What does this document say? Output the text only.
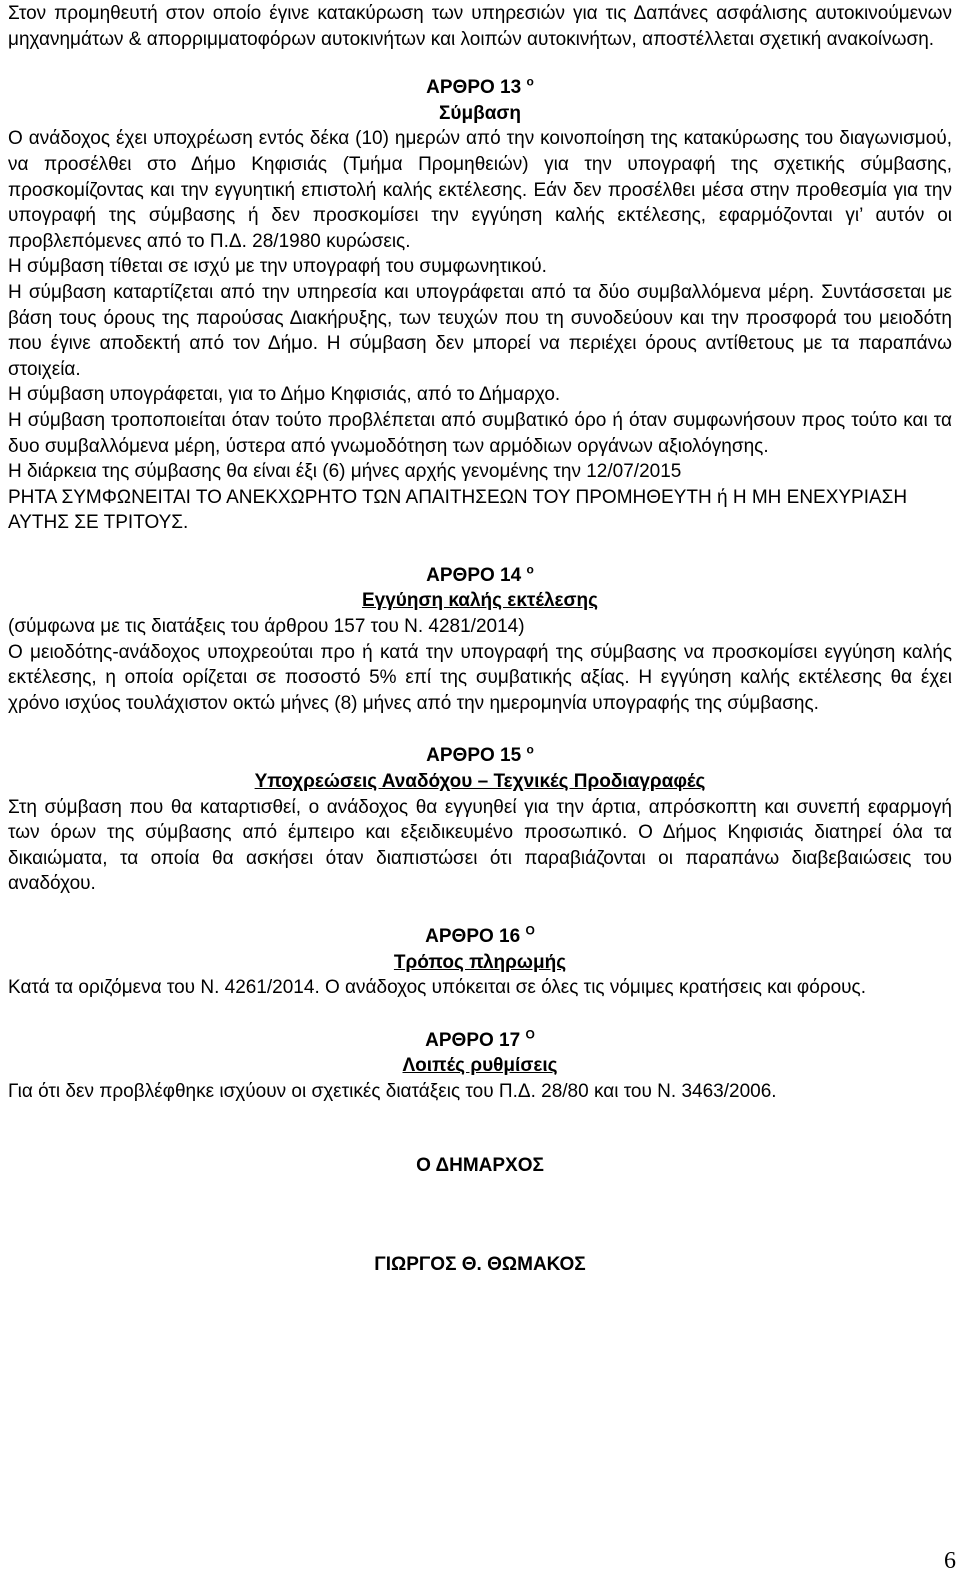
Στον προμηθευτή στον οποίο έγινε κατακύρωση των υπηρεσιών για τις Δαπάνες ασφάλισης αυτοκινούμενων μηχανημάτων & απορριμματοφόρων αυτοκινήτων και λοιπών αυτοκινήτων, αποστέλλεται σχετική ανακοίνωση.

ΑΡΘΡΟ 13 $^o$

Σύμβαση

Ο ανάδοχος έχει υποχρέωση εντός δέκα (10) ημερών από την κοινοποίηση της κατακύρωσης του διαγωνισμού, να προσέλθει στο Δήμο Κηφισιάς (Τμήμα Προμηθειών) για την υπογραφή της σχετικής σύμβασης, προσκομίζοντας και την εγγυητική επιστολή καλής εκτέλεσης. Εάν δεν προσέλθει μέσα στην προθεσμία για την υπογραφή της σύμβασης ή δεν προσκομίσει την εγγύηση καλής εκτέλεσης, εφαρμόζονται γι’ αυτόν οι προβλεπόμενες από το Π.Δ. 28/1980 κυρώσεις.

Η σύμβαση τίθεται σε ισχύ με την υπογραφή του συμφωνητικού.

Η σύμβαση καταρτίζεται από την υπηρεσία και υπογράφεται από τα δύο συμβαλλόμενα μέρη. Συντάσσεται με βάση τους όρους της παρούσας Διακήρυξης, των τευχών που τη συνοδεύουν και την προσφορά του μειοδότη που έγινε αποδεκτή από τον Δήμο. Η σύμβαση δεν μπορεί να περιέχει όρους αντίθετους με τα παραπάνω στοιχεία.

Η σύμβαση υπογράφεται, για το Δήμο Κηφισιάς, από το Δήμαρχο.

Η σύμβαση τροποποιείται όταν τούτο προβλέπεται από συμβατικό όρο ή όταν συμφωνήσουν προς τούτο και τα δυο συμβαλλόμενα μέρη, ύστερα από γνωμοδότηση των αρμόδιων οργάνων αξιολόγησης.

Η διάρκεια της σύμβασης θα είναι έξι (6) μήνες αρχής γενομένης την 12/07/2015

ΡΗΤΑ ΣΥΜΦΩΝΕΙΤΑΙ ΤΟ ΑΝΕΚΧΩΡΗΤΟ ΤΩΝ ΑΠΑΙΤΗΣΕΩΝ ΤΟΥ ΠΡΟΜΗΘΕΥΤΗ ή Η ΜΗ ΕΝΕΧΥΡΙΑΣΗ ΑΥΤΗΣ ΣΕ ΤΡΙΤΟΥΣ.

ΑΡΘΡΟ 14 $^o$

Εγγύηση καλής εκτέλεσης

(σύμφωνα με τις διατάξεις του άρθρου 157 του Ν. 4281/2014)

Ο μειοδότης-ανάδοχος υποχρεούται προ ή κατά την υπογραφή της σύμβασης να προσκομίσει εγγύηση καλής εκτέλεσης, η οποία ορίζεται σε ποσοστό 5% επί της συμβατικής αξίας. Η εγγύηση καλής εκτέλεσης θα έχει χρόνο ισχύος τουλάχιστον οκτώ μήνες (8) μήνες από την ημερομηνία υπογραφής της σύμβασης.

ΑΡΘΡΟ 15 $^o$

Υποχρεώσεις Αναδόχου – Τεχνικές Προδιαγραφές

Στη σύμβαση που θα καταρτισθεί, ο ανάδοχος θα εγγυηθεί για την άρτια, απρόσκοπτη και συνεπή εφαρμογή των όρων της σύμβασης από έμπειρο και εξειδικευμένο προσωπικό. Ο Δήμος Κηφισιάς διατηρεί όλα τα δικαιώματα, τα οποία θα ασκήσει όταν διαπιστώσει ότι παραβιάζονται οι παραπάνω διαβεβαιώσεις του αναδόχου.

ΑΡΘΡΟ 16 $^O$

Τρόπος πληρωμής

Κατά τα οριζόμενα του Ν. 4261/2014. Ο ανάδοχος υπόκειται σε όλες τις νόμιμες κρατήσεις και φόρους.

ΑΡΘΡΟ 17 $^O$

Λοιπές ρυθμίσεις

Για ότι δεν προβλέφθηκε ισχύουν οι σχετικές διατάξεις του Π.Δ. 28/80 και του Ν. 3463/2006.

Ο ΔΗΜΑΡΧΟΣ

ΓΙΩΡΓΟΣ Θ. ΘΩΜΑΚΟΣ

6
